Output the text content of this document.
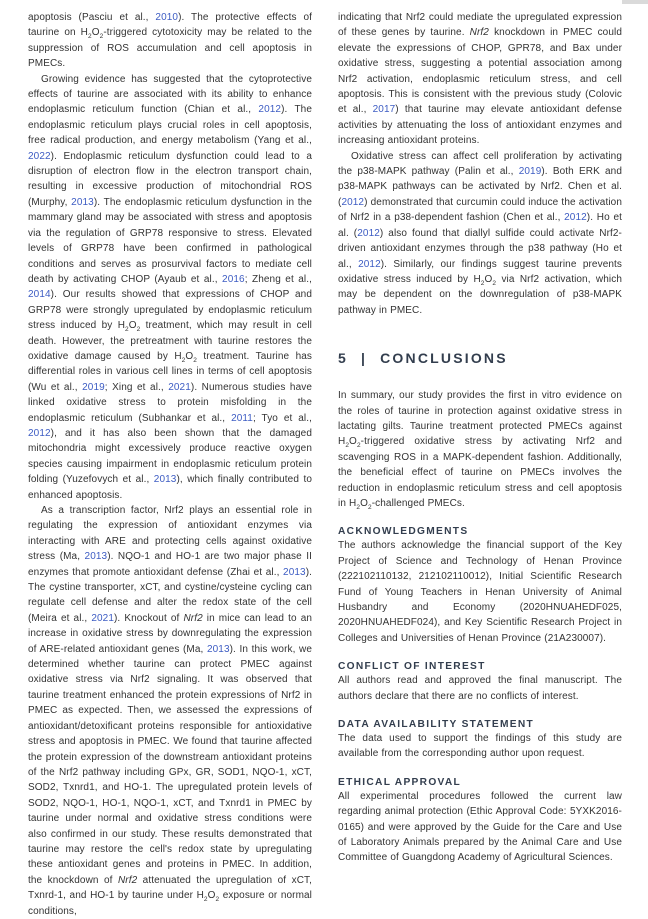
apoptosis (Pasciu et al., 2010). The protective effects of taurine on $H_2O_2$-triggered cytotoxicity may be related to the suppression of ROS accumulation and cell apoptosis in PMECs.

Growing evidence has suggested that the cytoprotective effects of taurine are associated with its ability to enhance endoplasmic reticulum function (Chian et al., 2012). The endoplasmic reticulum plays crucial roles in cell apoptosis, free radical production, and energy metabolism (Yang et al., 2022). Endoplasmic reticulum dysfunction could lead to a disruption of electron flow in the electron transport chain, resulting in excessive production of mitochondrial ROS (Murphy, 2013). The endoplasmic reticulum dysfunction in the mammary gland may be associated with stress and apoptosis via the regulation of GRP78 responsive to stress. Elevated levels of GRP78 have been confirmed in pathological conditions and serves as prosurvival factors to mediate cell death by activating CHOP (Ayaub et al., 2016; Zheng et al., 2014). Our results showed that expressions of CHOP and GRP78 were strongly upregulated by endoplasmic reticulum stress induced by $H_2O_2$ treatment, which may result in cell death. However, the pretreatment with taurine restores the oxidative damage caused by $H_2O_2$ treatment. Taurine has differential roles in various cell lines in terms of cell apoptosis (Wu et al., 2019; Xing et al., 2021). Numerous studies have linked oxidative stress to protein misfolding in the endoplasmic reticulum (Subhankar et al., 2011; Tyo et al., 2012), and it has also been shown that the damaged mitochondria might excessively produce reactive oxygen species causing impairment in endoplasmic reticulum protein folding (Yuzefovych et al., 2013), which finally contributed to enhanced apoptosis.

As a transcription factor, Nrf2 plays an essential role in regulating the expression of antioxidant enzymes via interacting with ARE and protecting cells against oxidative stress (Ma, 2013). NQO-1 and HO-1 are two major phase II enzymes that promote antioxidant defense (Zhai et al., 2013). The cystine transporter, xCT, and cystine/cysteine cycling can regulate cell defense and alter the redox state of the cell (Meira et al., 2021). Knockout of Nrf2 in mice can lead to an increase in oxidative stress by downregulating the expression of ARE-related antioxidant genes (Ma, 2013). In this work, we determined whether taurine can protect PMEC against oxidative stress via Nrf2 signaling. It was observed that taurine treatment enhanced the protein expressions of Nrf2 in PMEC as expected. Then, we assessed the expressions of antioxidant/detoxificant proteins responsible for antioxidative stress and apoptosis in PMEC. We found that taurine affected the protein expression of the downstream antioxidant proteins of the Nrf2 pathway including GPx, GR, SOD1, NQO-1, xCT, SOD2, Txnrd1, and HO-1. The upregulated protein levels of SOD2, NQO-1, HO-1, NQO-1, xCT, and Txnrd1 in PMEC by taurine under normal and oxidative stress conditions were also confirmed in our study. These results demonstrated that taurine may restore the cell's redox state by upregulating these antioxidant genes and proteins in PMEC. In addition, the knockdown of Nrf2 attenuated the upregulation of xCT, Txnrd-1, and HO-1 by taurine under $H_2O_2$ exposure or normal conditions,

indicating that Nrf2 could mediate the upregulated expression of these genes by taurine. Nrf2 knockdown in PMEC could elevate the expressions of CHOP, GPR78, and Bax under oxidative stress, suggesting a potential association among Nrf2 activation, endoplasmic reticulum stress, and cell apoptosis. This is consistent with the previous study (Colovic et al., 2017) that taurine may elevate antioxidant defense activities by attenuating the loss of antioxidant enzymes and increasing antioxidant proteins.

Oxidative stress can affect cell proliferation by activating the p38-MAPK pathway (Palin et al., 2019). Both ERK and p38-MAPK pathways can be activated by Nrf2. Chen et al. (2012) demonstrated that curcumin could induce the activation of Nrf2 in a p38-dependent fashion (Chen et al., 2012). Ho et al. (2012) also found that diallyl sulfide could activate Nrf2-driven antioxidant enzymes through the p38 pathway (Ho et al., 2012). Similarly, our findings suggest taurine prevents oxidative stress induced by $H_2O_2$ via Nrf2 activation, which may be dependent on the downregulation of p38-MAPK pathway in PMEC.

5 | CONCLUSIONS

In summary, our study provides the first in vitro evidence on the roles of taurine in protection against oxidative stress in lactating gilts. Taurine treatment protected PMECs against $H_2O_2$-triggered oxidative stress by activating Nrf2 and scavenging ROS in a MAPK-dependent fashion. Additionally, the beneficial effect of taurine on PMECs involves the reduction in endoplasmic reticulum stress and cell apoptosis in $H_2O_2$-challenged PMECs.

ACKNOWLEDGMENTS

The authors acknowledge the financial support of the Key Project of Science and Technology of Henan Province (222102110132, 212102110012), Initial Scientific Research Fund of Young Teachers in Henan University of Animal Husbandry and Economy (2020HNUAHEDF025, 2020HNUAHEDF024), and Key Scientific Research Project in Colleges and Universities of Henan Province (21A230007).

CONFLICT OF INTEREST

All authors read and approved the final manuscript. The authors declare that there are no conflicts of interest.

DATA AVAILABILITY STATEMENT

The data used to support the findings of this study are available from the corresponding author upon request.

ETHICAL APPROVAL

All experimental procedures followed the current law regarding animal protection (Ethic Approval Code: 5YXK2016-0165) and were approved by the Guide for the Care and Use of Laboratory Animals prepared by the Animal Care and Use Committee of Guangdong Academy of Agricultural Sciences.
